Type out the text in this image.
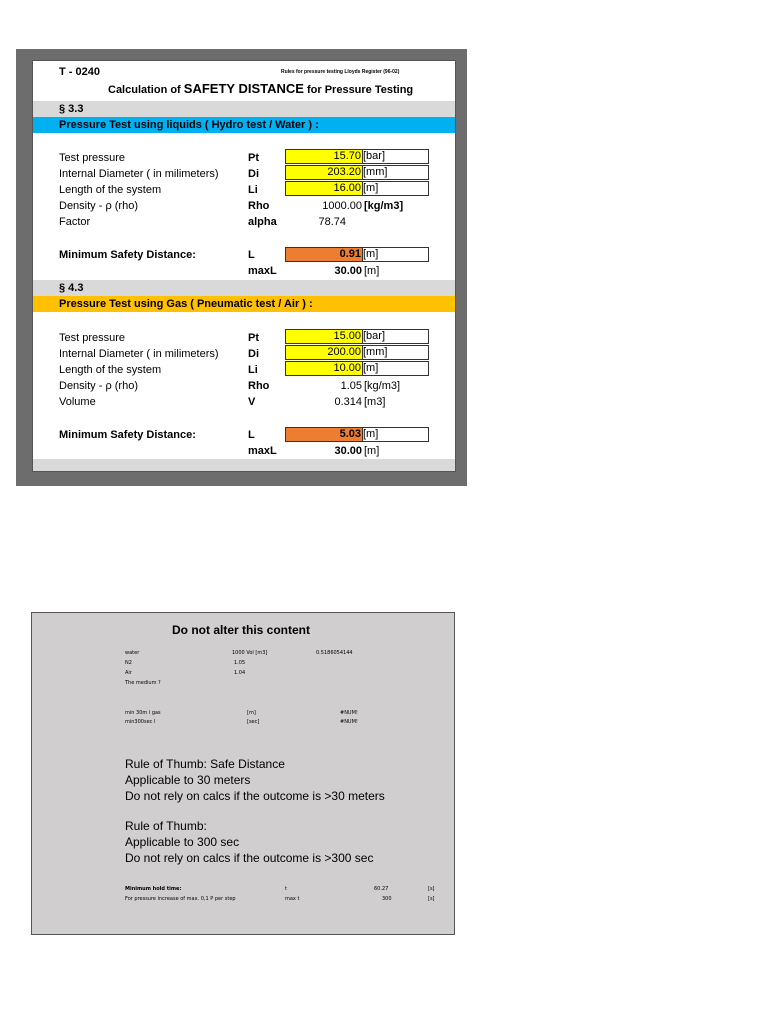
T - 0240	Rules for pressure testing Lloyds Register (96-02)
Calculation of SAFETY DISTANCE for Pressure Testing
§ 3.3
Pressure Test using liquids ( Hydro test / Water ) :
Test pressure	Pt	15.70 [bar]
Internal Diameter ( in milimeters)	Di	203.20 [mm]
Length of the system	Li	16.00 [m]
Density - ρ (rho)	Rho	1000.00 [kg/m3]
Factor	alpha	78.74
Minimum Safety Distance:	L	0.91 [m]
maxL	30.00 [m]
§ 4.3
Pressure Test using Gas ( Pneumatic test / Air ) :
Test pressure	Pt	15.00 [bar]
Internal Diameter ( in milimeters)	Di	200.00 [mm]
Length of the system	Li	10.00 [m]
Density - ρ (rho)	Rho	1.05 [kg/m3]
Volume	V	0.314 [m3]
Minimum Safety Distance:	L	5.03 [m]
maxL	30.00 [m]
Do not alter this content
water	1000 Vol [m3]	0.5186054144
N2	1.05
Air	1.04
The medium ?
min 30m l gas	[m]	#NUM!
min300sec l	[sec]	#NUM!
Rule of Thumb: Safe Distance
Applicable to 30 meters
Do not rely on calcs if the outcome is >30 meters
Rule of Thumb:
Applicable to 300 sec
Do not rely on calcs if the outcome is >300 sec
Minimum hold time:	t	60.27	[s]
For pressure increase of max. 0,1 P per step	max t	300	[s]
